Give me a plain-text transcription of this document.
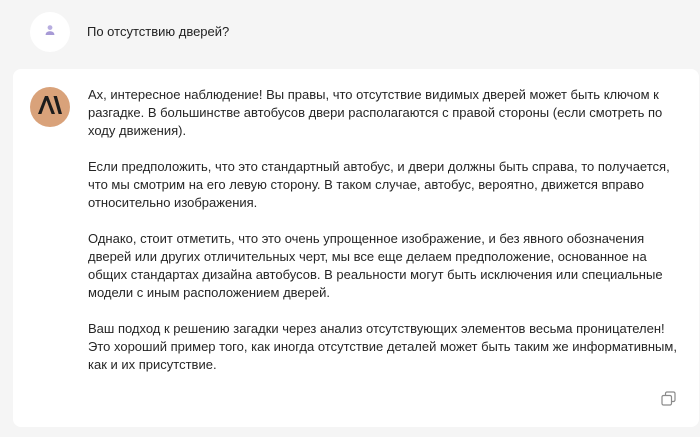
По отсутствию дверей?

Ах, интересное наблюдение! Вы правы, что отсутствие видимых дверей может быть ключом к разгадке. В большинстве автобусов двери располагаются с правой стороны (если смотреть по ходу движения).

Если предположить, что это стандартный автобус, и двери должны быть справа, то получается, что мы смотрим на его левую сторону. В таком случае, автобус, вероятно, движется вправо относительно изображения.

Однако, стоит отметить, что это очень упрощенное изображение, и без явного обозначения дверей или других отличительных черт, мы все еще делаем предположение, основанное на общих стандартах дизайна автобусов. В реальности могут быть исключения или специальные модели с иным расположением дверей.

Ваш подход к решению загадки через анализ отсутствующих элементов весьма проницателен! Это хороший пример того, как иногда отсутствие деталей может быть таким же информативным, как и их присутствие.
